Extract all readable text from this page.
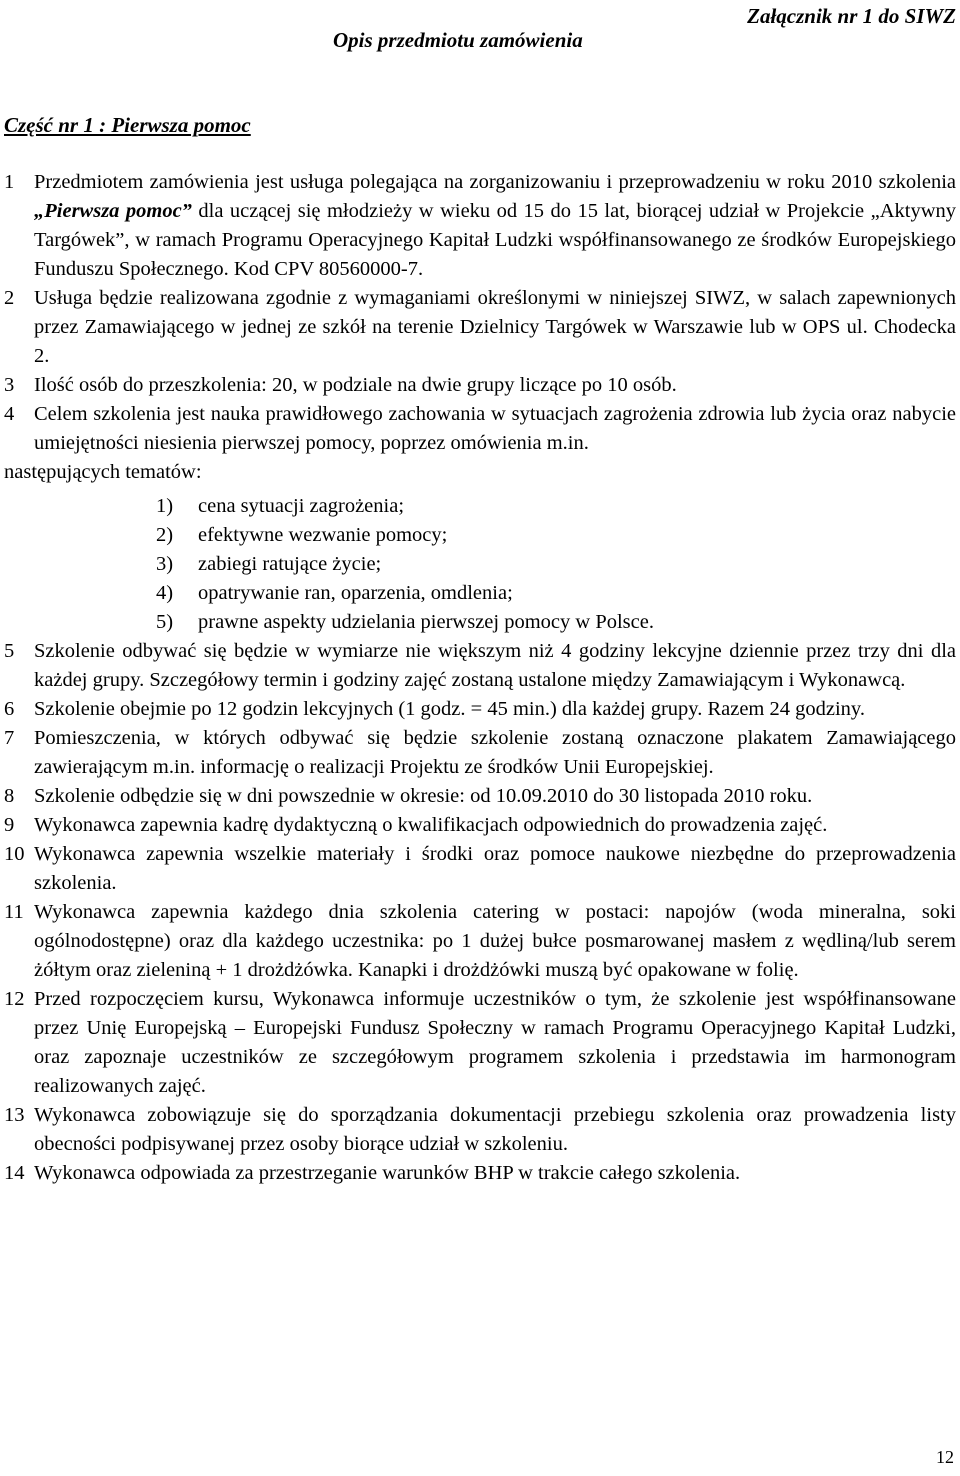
Załącznik nr 1 do SIWZ
Opis przedmiotu zamówienia
Część nr 1 : Pierwsza pomoc
1 Przedmiotem zamówienia jest usługa polegająca na zorganizowaniu i przeprowadzeniu w roku 2010 szkolenia „Pierwsza pomoc” dla uczącej się młodzieży w wieku od 15 do 15 lat, biorącej udział w Projekcie „Aktywny Targówek”, w ramach Programu Operacyjnego Kapitał Ludzki współfinansowanego ze środków Europejskiego Funduszu Społecznego. Kod CPV 80560000-7.
2 Usługa będzie realizowana zgodnie z wymaganiami określonymi w niniejszej SIWZ, w salach zapewnionych przez Zamawiającego w jednej ze szkół na terenie Dzielnicy Targówek w Warszawie lub w OPS ul. Chodecka 2.
3 Ilość osób do przeszkolenia: 20, w podziale na dwie grupy liczące po 10 osób.
4 Celem szkolenia jest nauka prawidłowego zachowania w sytuacjach zagrożenia zdrowia lub życia oraz nabycie umiejętności niesienia pierwszej pomocy, poprzez omówienia m.in.
następujących tematów:
1)	cena sytuacji zagrożenia;
2)	efektywne wezwanie pomocy;
3)	zabiegi ratujące życie;
4)	opatrywanie ran, oparzenia, omdlenia;
5)	prawne aspekty udzielania pierwszej pomocy w Polsce.
5 Szkolenie odbywać się będzie w wymiarze nie większym niż 4 godziny lekcyjne dziennie przez trzy dni dla każdej grupy. Szczegółowy termin i godziny zajęć zostaną ustalone między Zamawiającym i Wykonawcą.
6 Szkolenie obejmie po 12 godzin lekcyjnych (1 godz. = 45 min.) dla każdej grupy. Razem 24 godziny.
7 Pomieszczenia, w których odbywać się będzie szkolenie zostaną oznaczone plakatem Zamawiającego zawierającym m.in. informację o realizacji Projektu ze środków Unii Europejskiej.
8 Szkolenie odbędzie się w dni powszednie w okresie: od 10.09.2010 do 30 listopada 2010 roku.
9 Wykonawca zapewnia kadrę dydaktyczną o kwalifikacjach odpowiednich do prowadzenia zajęć.
10 Wykonawca zapewnia wszelkie materiały i środki oraz pomoce naukowe niezbędne do przeprowadzenia szkolenia.
11 Wykonawca zapewnia każdego dnia szkolenia catering w postaci: napojów (woda mineralna, soki ogólnodostępne) oraz dla każdego uczestnika: po 1 dużej bułce posmarowanej masłem z wędliną/lub serem żółtym oraz zieleniną + 1 drożdżówka. Kanapki i drożdżówki muszą być opakowane w folię.
12 Przed rozpoczęciem kursu, Wykonawca informuje uczestników o tym, że szkolenie jest współfinansowane przez Unię Europejską – Europejski Fundusz Społeczny w ramach Programu Operacyjnego Kapitał Ludzki, oraz zapoznaje uczestników ze szczegółowym programem szkolenia i przedstawia im harmonogram realizowanych zajęć.
13 Wykonawca zobowiązuje się do sporządzania dokumentacji przebiegu szkolenia oraz prowadzenia listy obecności podpisywanej przez osoby biorące udział w szkoleniu.
14 Wykonawca odpowiada za przestrzeganie warunków BHP w trakcie całego szkolenia.
12
